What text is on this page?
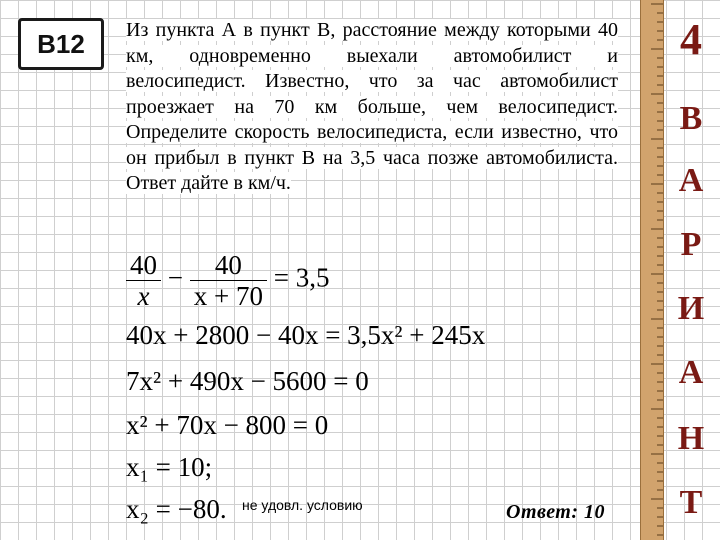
B12	Из пункта А в пункт В, расстояние между которыми 40 км, одновременно выехали автомобилист и велосипедист. Известно, что за час автомобилист проезжает на 70 км больше, чем велосипедист. Определите скорость велосипедиста, если известно, что он прибыл в пункт В на 3,5 часа позже автомобилиста. Ответ дайте в км/ч.
$\frac{40}{x} - \frac{40}{x + 70} = 3,5$
40x + 2800 − 40x = 3,5x² + 245x
7x² + 490x − 5600 = 0
x² + 70x − 800 = 0
x₁ = 10;
x₂ = −80. не удовл. условию	Ответ: 10
4
В
А
Р
И
А
Н
Т
